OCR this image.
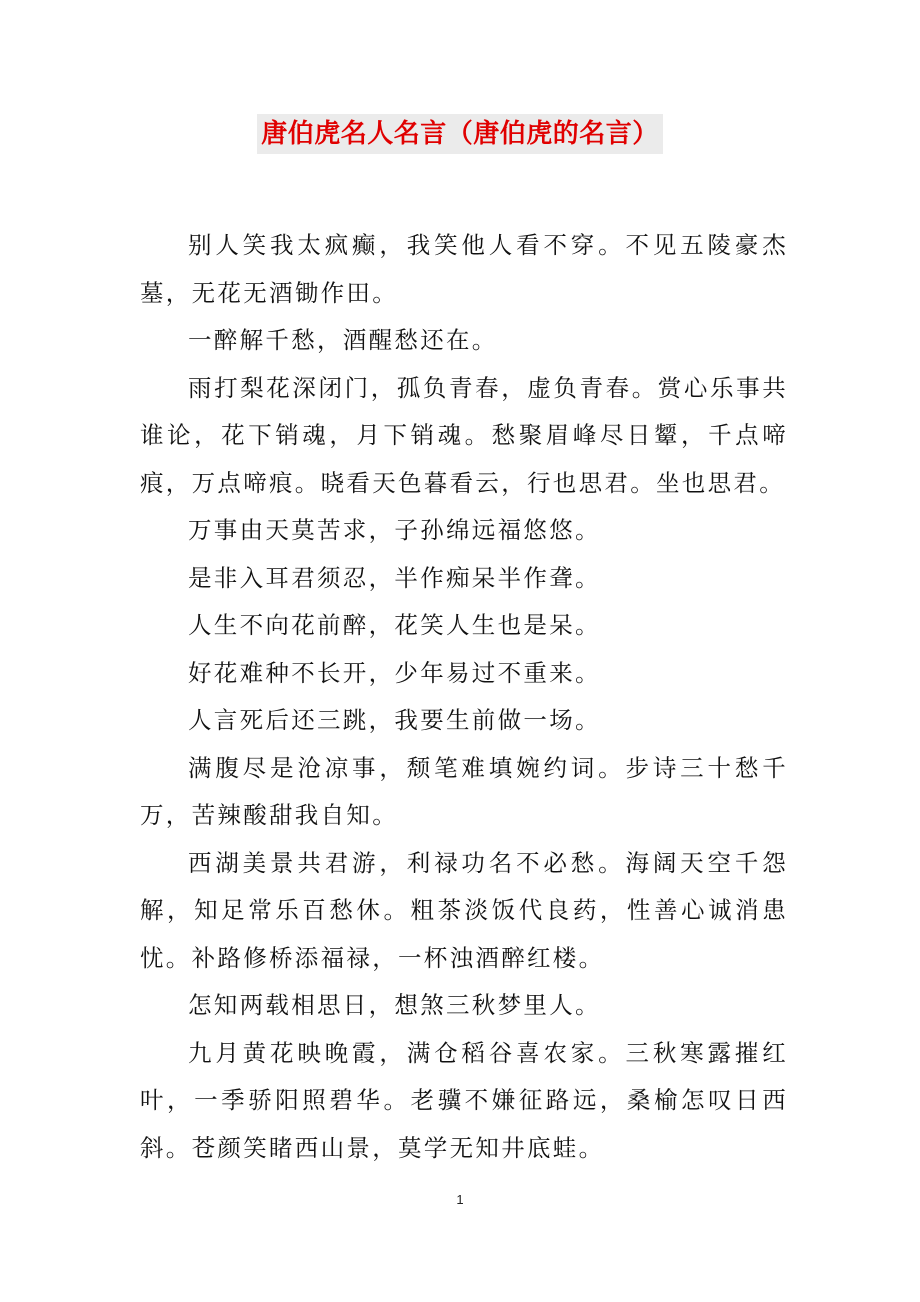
唐伯虎名人名言（唐伯虎的名言）

别人笑我太疯癫，我笑他人看不穿。不见五陵豪杰墓，无花无酒锄作田。

一醉解千愁，酒醒愁还在。

雨打梨花深闭门，孤负青春，虚负青春。赏心乐事共谁论，花下销魂，月下销魂。愁聚眉峰尽日颦，千点啼痕，万点啼痕。晓看天色暮看云，行也思君。坐也思君。

万事由天莫苦求，子孙绵远福悠悠。

是非入耳君须忍，半作痴呆半作聋。

人生不向花前醉，花笑人生也是呆。

好花难种不长开，少年易过不重来。

人言死后还三跳，我要生前做一场。

满腹尽是沧凉事，颓笔难填婉约词。步诗三十愁千万，苦辣酸甜我自知。

西湖美景共君游，利禄功名不必愁。海阔天空千怨解，知足常乐百愁休。粗茶淡饭代良药，性善心诚消患忧。补路修桥添福禄，一杯浊酒醉红楼。

怎知两载相思日，想煞三秋梦里人。

九月黄花映晚霞，满仓稻谷喜农家。三秋寒露摧红叶，一季骄阳照碧华。老骥不嫌征路远，桑榆怎叹日西斜。苍颜笑睹西山景，莫学无知井底蛙。

1
